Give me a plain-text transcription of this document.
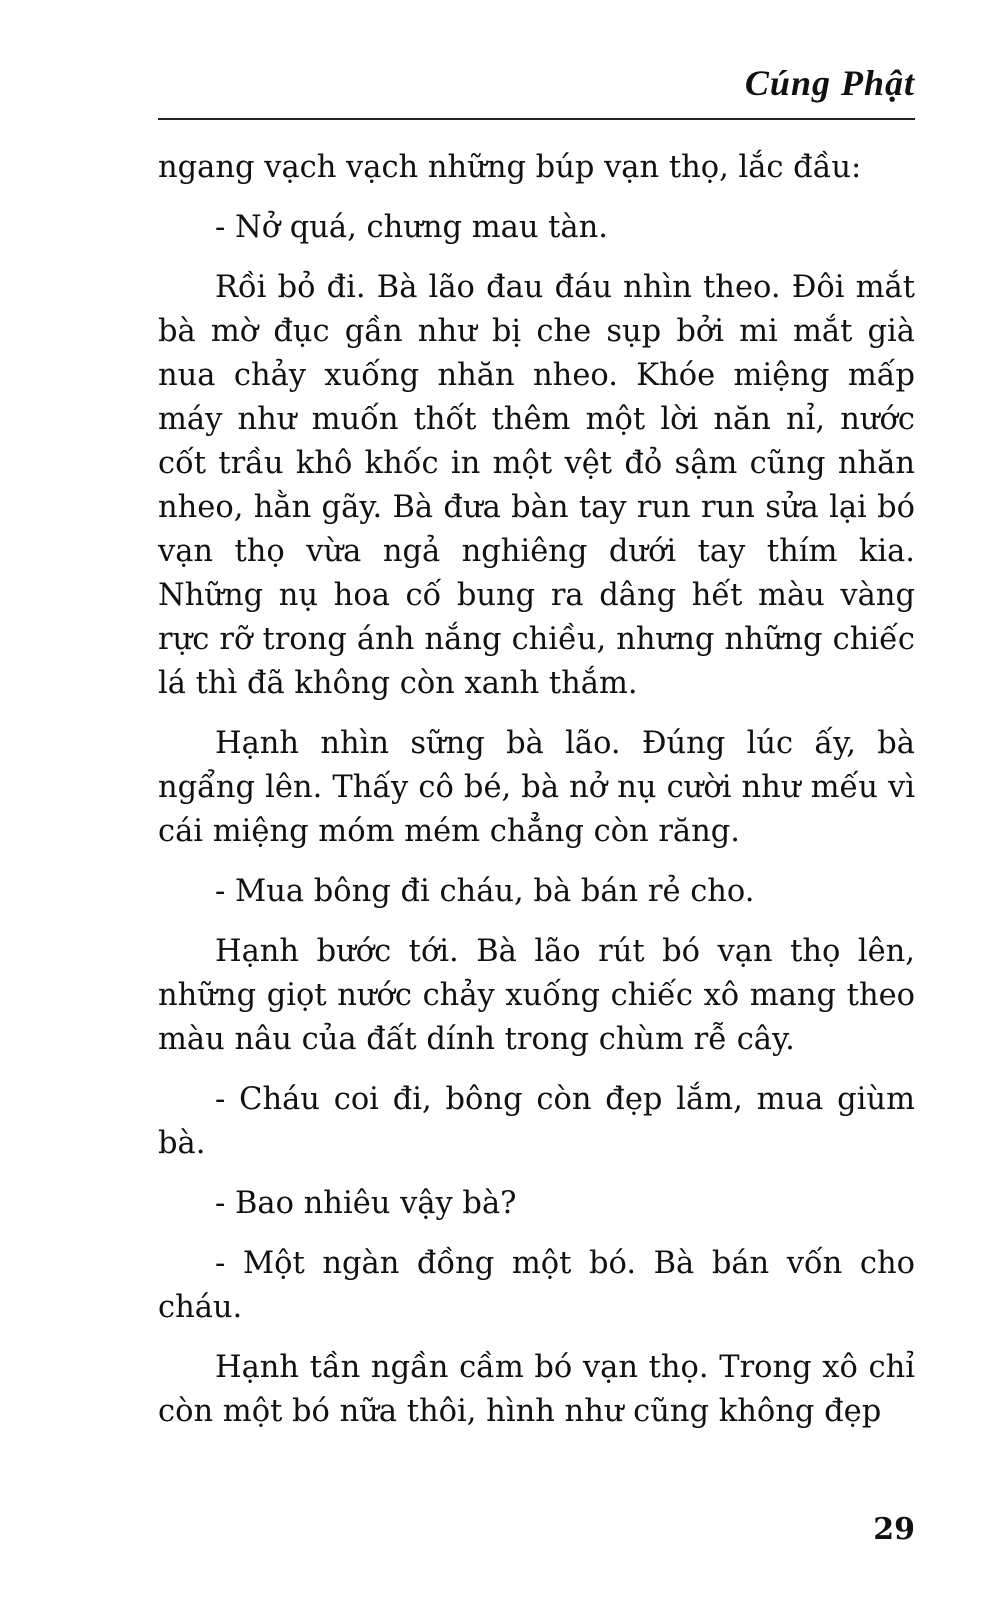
Cúng Phật

ngang vạch vạch những búp vạn thọ, lắc đầu:

- Nở quá, chưng mau tàn.

Rồi bỏ đi. Bà lão đau đáu nhìn theo. Đôi mắt bà mờ đục gần như bị che sụp bởi mi mắt già nua chảy xuống nhăn nheo. Khóe miệng mấp máy như muốn thốt thêm một lời năn nỉ, nước cốt trầu khô khốc in một vệt đỏ sậm cũng nhăn nheo, hằn gãy. Bà đưa bàn tay run run sửa lại bó vạn thọ vừa ngả nghiêng dưới tay thím kia. Những nụ hoa cố bung ra dâng hết màu vàng rực rỡ trong ánh nắng chiều, nhưng những chiếc lá thì đã không còn xanh thắm.

Hạnh nhìn sững bà lão. Đúng lúc ấy, bà ngẩng lên. Thấy cô bé, bà nở nụ cười như mếu vì cái miệng móm mém chẳng còn răng.

- Mua bông đi cháu, bà bán rẻ cho.

Hạnh bước tới. Bà lão rút bó vạn thọ lên, những giọt nước chảy xuống chiếc xô mang theo màu nâu của đất dính trong chùm rễ cây.

- Cháu coi đi, bông còn đẹp lắm, mua giùm bà.

- Bao nhiêu vậy bà?

- Một ngàn đồng một bó. Bà bán vốn cho cháu.

Hạnh tần ngần cầm bó vạn thọ. Trong xô chỉ còn một bó nữa thôi, hình như cũng không đẹp

29
